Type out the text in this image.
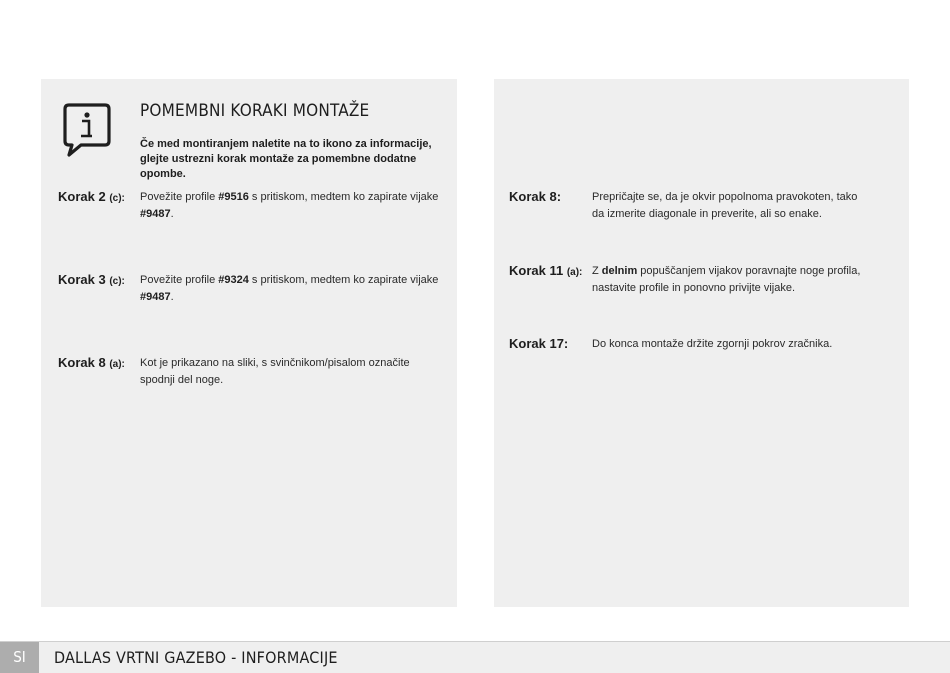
POMEMBNI KORAKI MONTAŽE
Če med montiranjem naletite na to ikono za informacije,
glejte ustrezni korak montaže za pomembne dodatne opombe.
Korak 2 (c): Povežite profile #9516 s pritiskom, medtem ko zapirate vijake
#9487.
Korak 3 (c): Povežite profile #9324 s pritiskom, medtem ko zapirate vijake
#9487.
Korak 8 (a): Kot je prikazano na sliki, s svinčnikom/pisalom označite spodnji del noge.
Korak 8:	Prepričajte se, da je okvir popolnoma pravokoten, tako da izmerite diagonale in preverite, ali so enake.
Korak 11 (a): Z delnim popuščanjem vijakov poravnajte noge profila, nastavite profile in ponovno privijte vijake.
Korak 17: Do konca montaže držite zgornji pokrov zračnika.
SI	DALLAS VRTNI GAZEBO - INFORMACIJE
